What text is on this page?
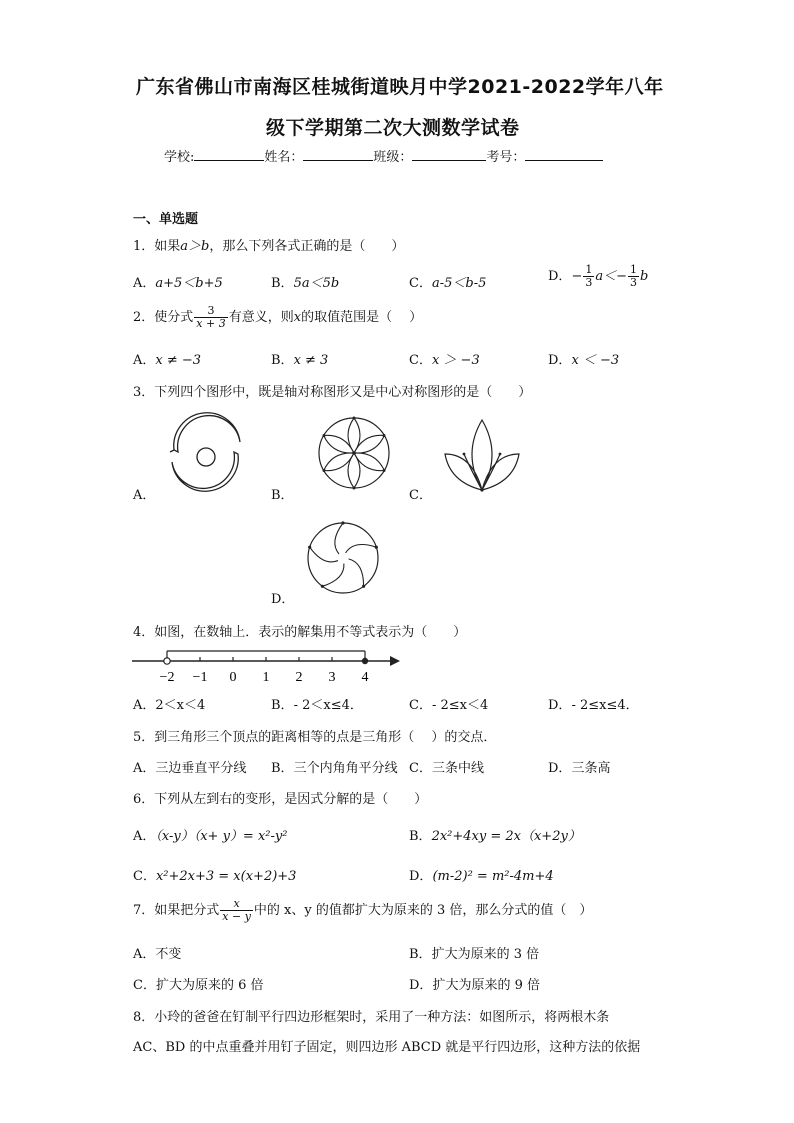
广东省佛山市南海区桂城街道映月中学2021-2022学年八年
级下学期第二次大测数学试卷
学校:	姓名：	班级：	考号：
一、单选题
1．如果a＞b，那么下列各式正确的是（　　）
A．a+5＜b+5	B．5a＜5b	C．a-5＜b-5	D．− $\frac{1}{3} a<- \frac{1}{3}$ b
2．使分式 $\frac{3}{x + 3}$ 有意义，则x的取值范围是（　 ）
A．x ≠ −3	B．x ≠ 3	C．x ＞ −3	D．x ＜ −3
3．下列四个图形中，既是轴对称图形又是中心对称图形的是（　　）
A．	B．	C．
D．
4．如图，在数轴上．表示的解集用不等式表示为（　　）
−2 −1 0 1 2 3 4
A．2＜x＜4	B．- 2＜x≤4．	C．- 2≤x＜4	D．- 2≤x≤4．
5．到三角形三个顶点的距离相等的点是三角形（　 ）的交点．
A．三边垂直平分线 B．三个内角角平分线 C．三条中线	D．三条高
6．下列从左到右的变形，是因式分解的是（　　）
A．（x-y）（x+ y）= x²-y²	B．2x²+4xy = 2x（x+2y）
C．x²+2x+3 = x(x+2)+3	D．(m-2)² = m²-4m+4
7．如果把分式 $\frac{x}{x - y}$ 中的 x、y 的值都扩大为原来的 3 倍，那么分式的值（　）
A．不变	B．扩大为原来的 3 倍
C．扩大为原来的 6 倍	D．扩大为原来的 9 倍
8．小玲的爸爸在钉制平行四边形框架时，采用了一种方法：如图所示，将两根木条
AC、BD 的中点重叠并用钉子固定，则四边形 ABCD 就是平行四边形，这种方法的依据
